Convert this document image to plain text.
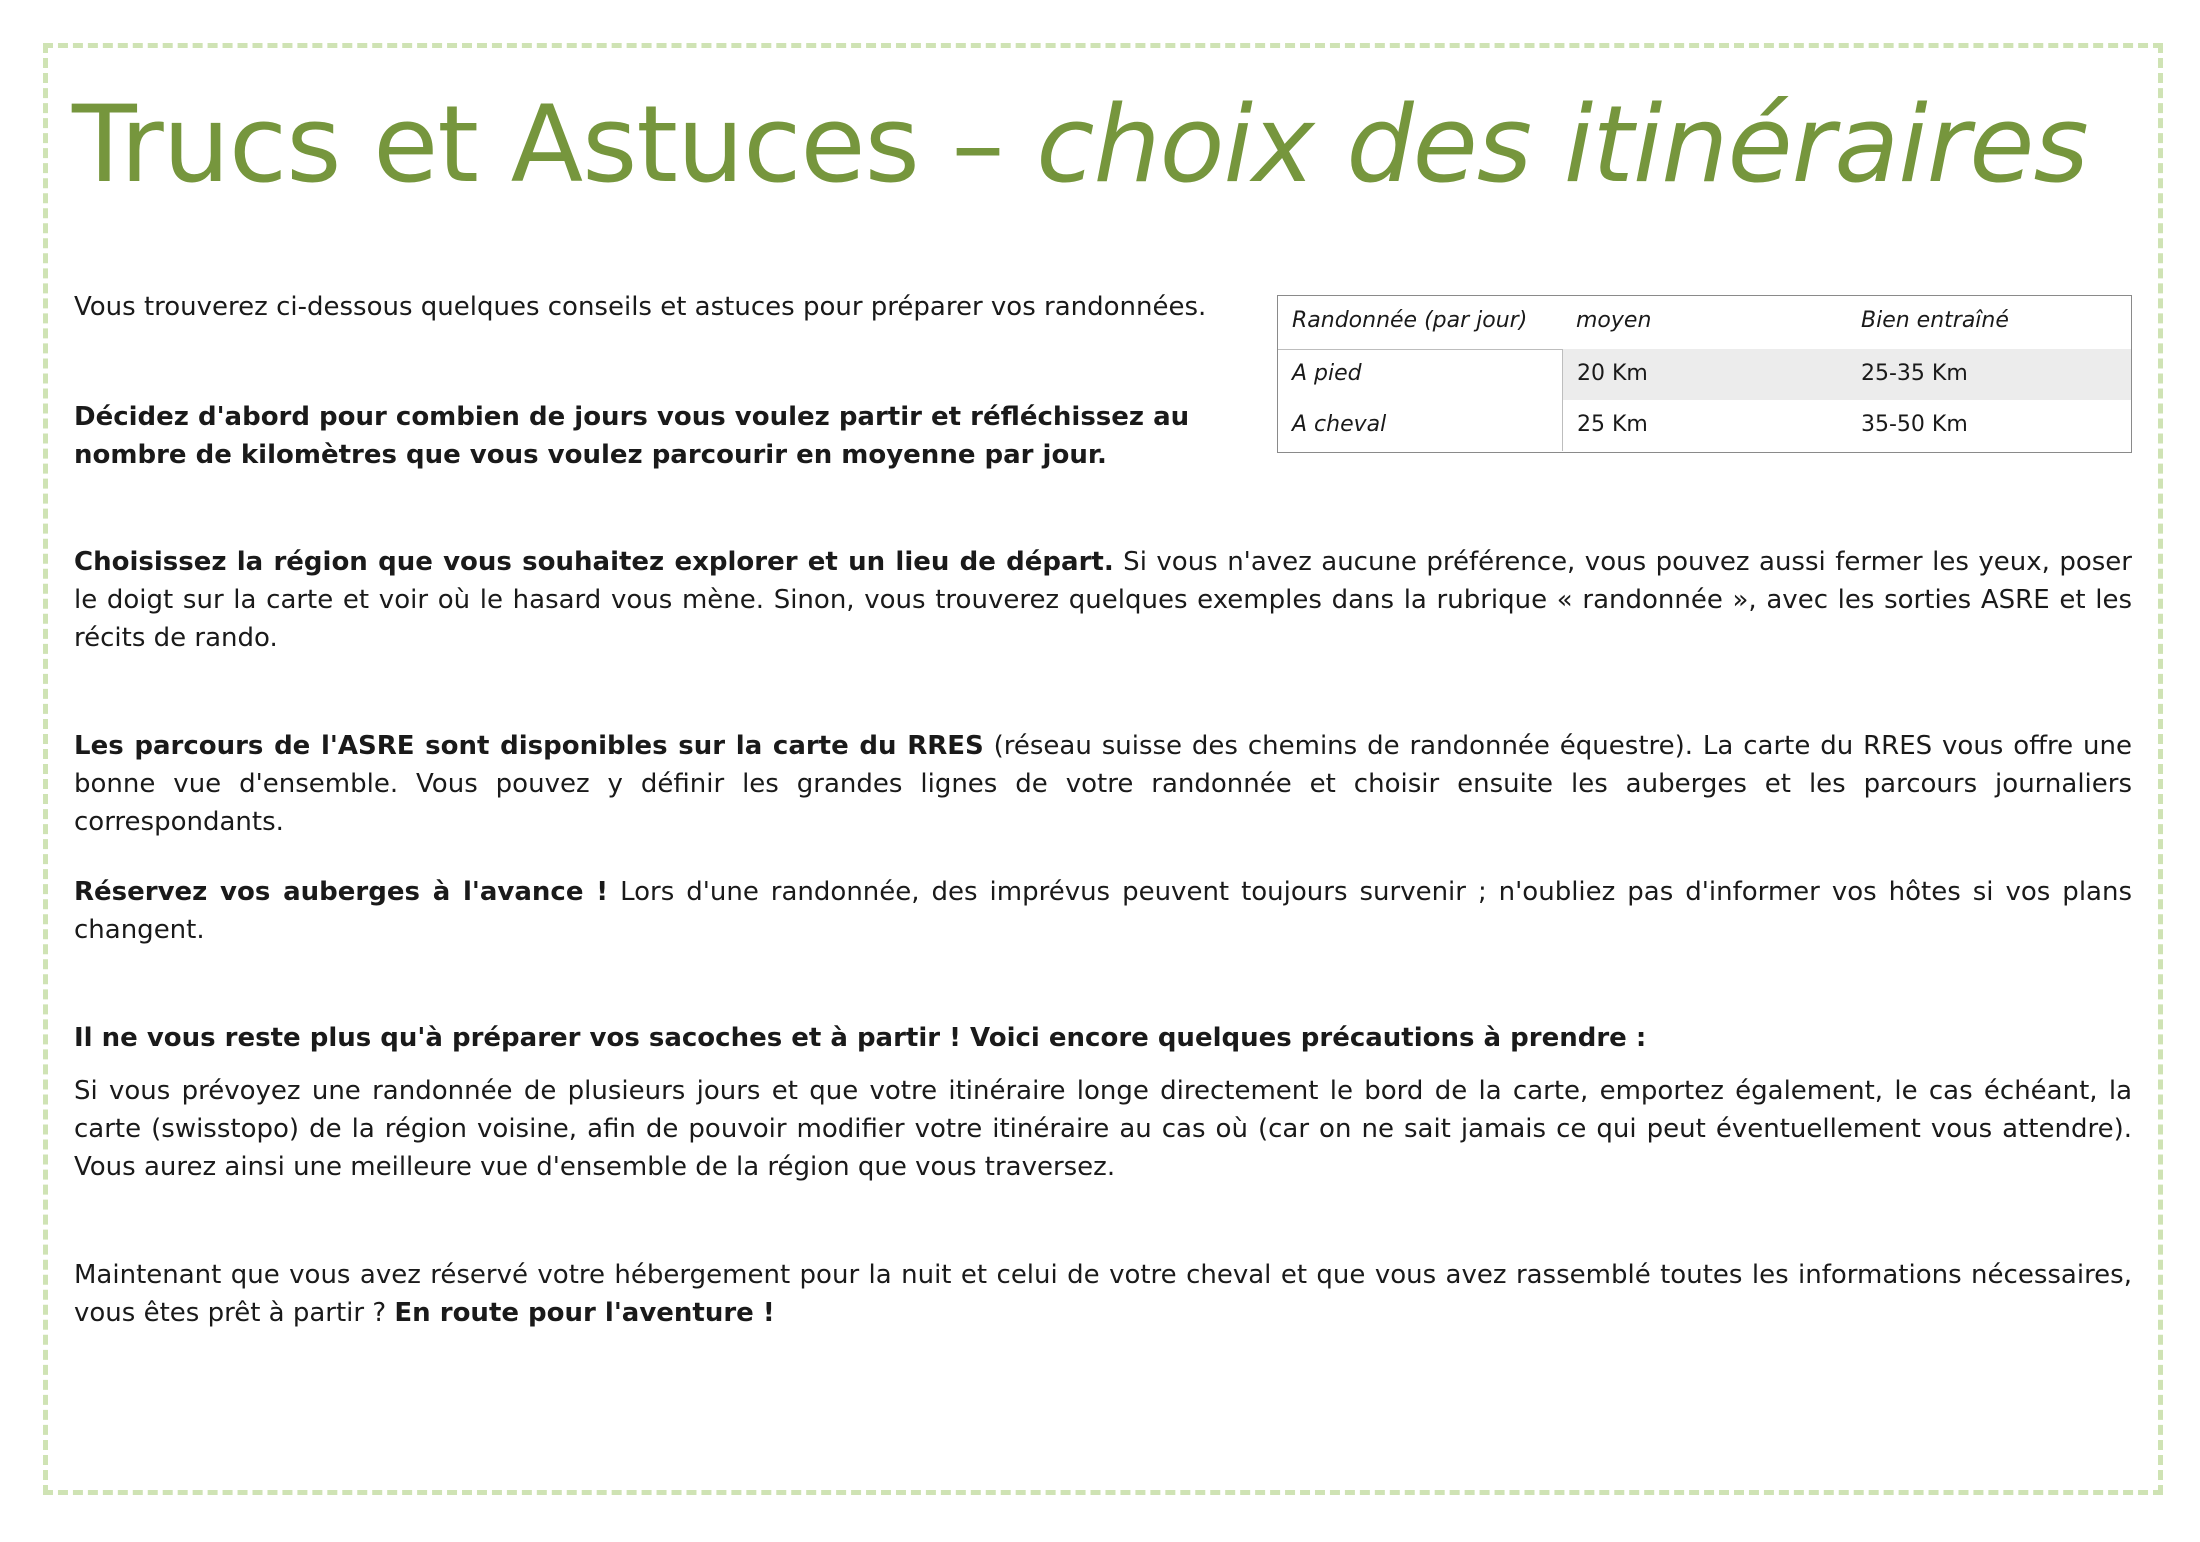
Trucs et Astuces – choix des itinéraires

Vous trouverez ci-dessous quelques conseils et astuces pour préparer vos randonnées.

Décidez d'abord pour combien de jours vous voulez partir et réfléchissez au nombre de kilomètres que vous voulez parcourir en moyenne par jour.

Randonnée (par jour)	moyen	Bien entraîné
A pied	20 Km	25-35 Km
A cheval	25 Km	35-50 Km

Choisissez la région que vous souhaitez explorer et un lieu de départ. Si vous n'avez aucune préférence, vous pouvez aussi fermer les yeux, poser le doigt sur la carte et voir où le hasard vous mène. Sinon, vous trouverez quelques exemples dans la rubrique « randonnée », avec les sorties ASRE et les récits de rando.

Les parcours de l'ASRE sont disponibles sur la carte du RRES (réseau suisse des chemins de randonnée équestre). La carte du RRES vous offre une bonne vue d'ensemble. Vous pouvez y définir les grandes lignes de votre randonnée et choisir ensuite les auberges et les parcours journaliers correspondants.

Réservez vos auberges à l'avance ! Lors d'une randonnée, des imprévus peuvent toujours survenir ; n'oubliez pas d'informer vos hôtes si vos plans changent.

Il ne vous reste plus qu'à préparer vos sacoches et à partir ! Voici encore quelques précautions à prendre :

Si vous prévoyez une randonnée de plusieurs jours et que votre itinéraire longe directement le bord de la carte, emportez également, le cas échéant, la carte (swisstopo) de la région voisine, afin de pouvoir modifier votre itinéraire au cas où (car on ne sait jamais ce qui peut éventuellement vous attendre). Vous aurez ainsi une meilleure vue d'ensemble de la région que vous traversez.

Maintenant que vous avez réservé votre hébergement pour la nuit et celui de votre cheval et que vous avez rassemblé toutes les informations nécessaires, vous êtes prêt à partir ? En route pour l'aventure !
